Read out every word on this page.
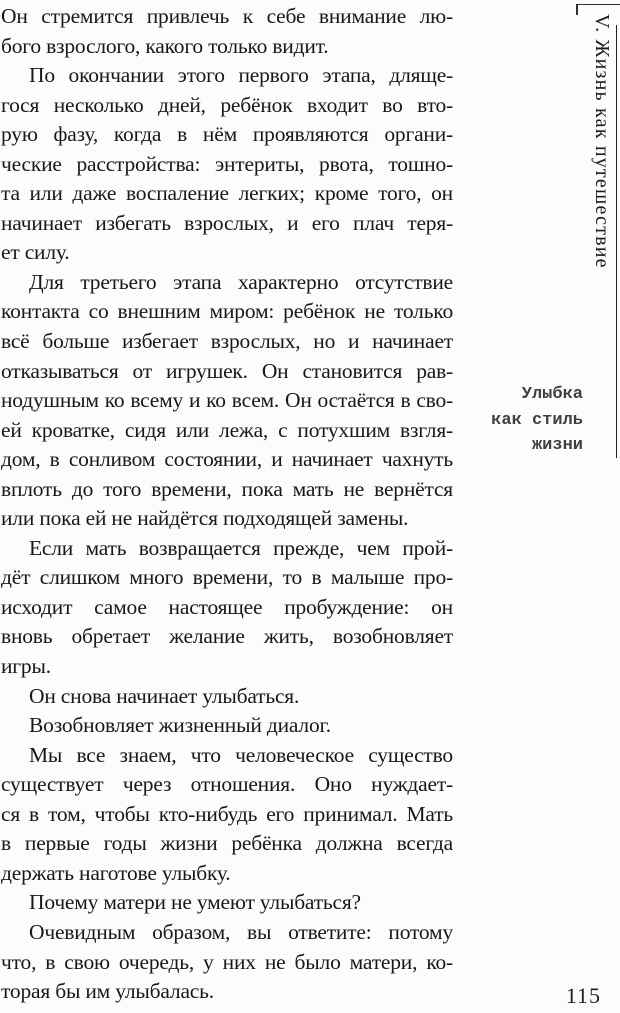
Он стремится привлечь к себе внимание лю-
бого взрослого, какого только видит.
По окончании этого первого этапа, дляще-
гося несколько дней, ребёнок входит во вто-
рую фазу, когда в нём проявляются органи-
ческие расстройства: энтериты, рвота, тошно-
та или даже воспаление легких; кроме того, он
начинает избегать взрослых, и его плач теря-
ет силу.
Для третьего этапа характерно отсутствие
контакта со внешним миром: ребёнок не только
всё больше избегает взрослых, но и начинает
отказываться от игрушек. Он становится рав-
нодушным ко всему и ко всем. Он остаётся в сво-
ей кроватке, сидя или лежа, с потухшим взгля-
дом, в сонливом состоянии, и начинает чахнуть
вплоть до того времени, пока мать не вернётся
или пока ей не найдётся подходящей замены.
Если мать возвращается прежде, чем прой-
дёт слишком много времени, то в малыше про-
исходит самое настоящее пробуждение: он
вновь обретает желание жить, возобновляет
игры.
Он снова начинает улыбаться.
Возобновляет жизненный диалог.
Мы все знаем, что человеческое существо
существует через отношения. Оно нуждает-
ся в том, чтобы кто-нибудь его принимал. Мать
в первые годы жизни ребёнка должна всегда
держать наготове улыбку.
Почему матери не умеют улыбаться?
Очевидным образом, вы ответите: потому
что, в свою очередь, у них не было матери, ко-
торая бы им улыбалась.
V. Жизнь как путешествие
Улыбка
как стиль
жизни
115
